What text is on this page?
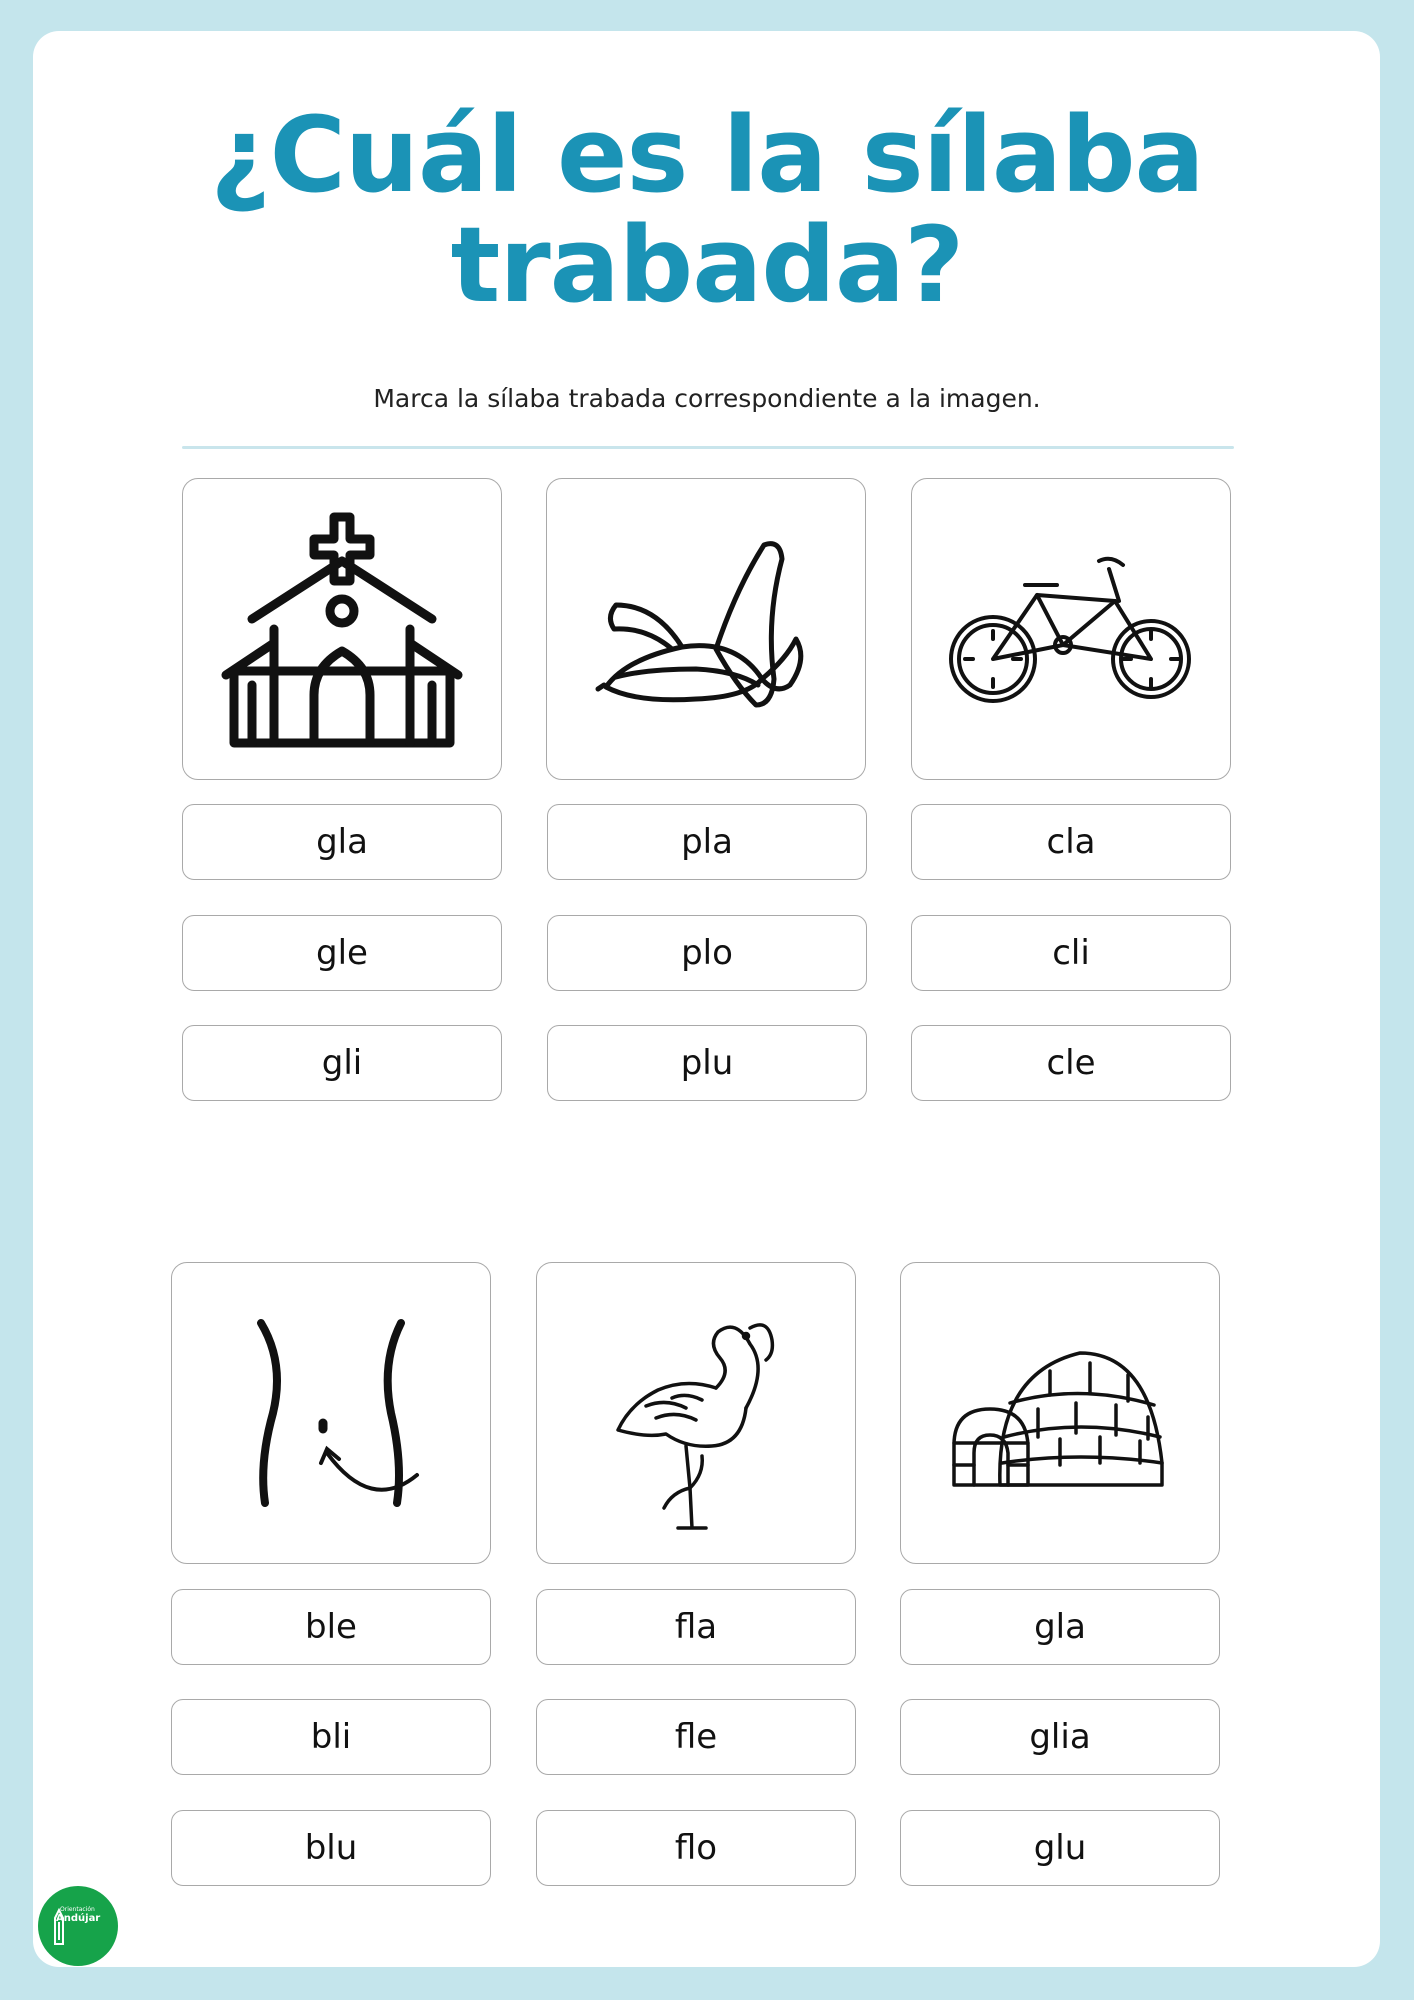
¿Cuál es la sílaba
trabada?

Marca la sílaba trabada correspondiente a la imagen.

gla
gle
gli
pla
plo
plu
cla
cli
cle
ble
bli
blu
fla
fle
flo
gla
glia
glu
Orientación
Andújar
